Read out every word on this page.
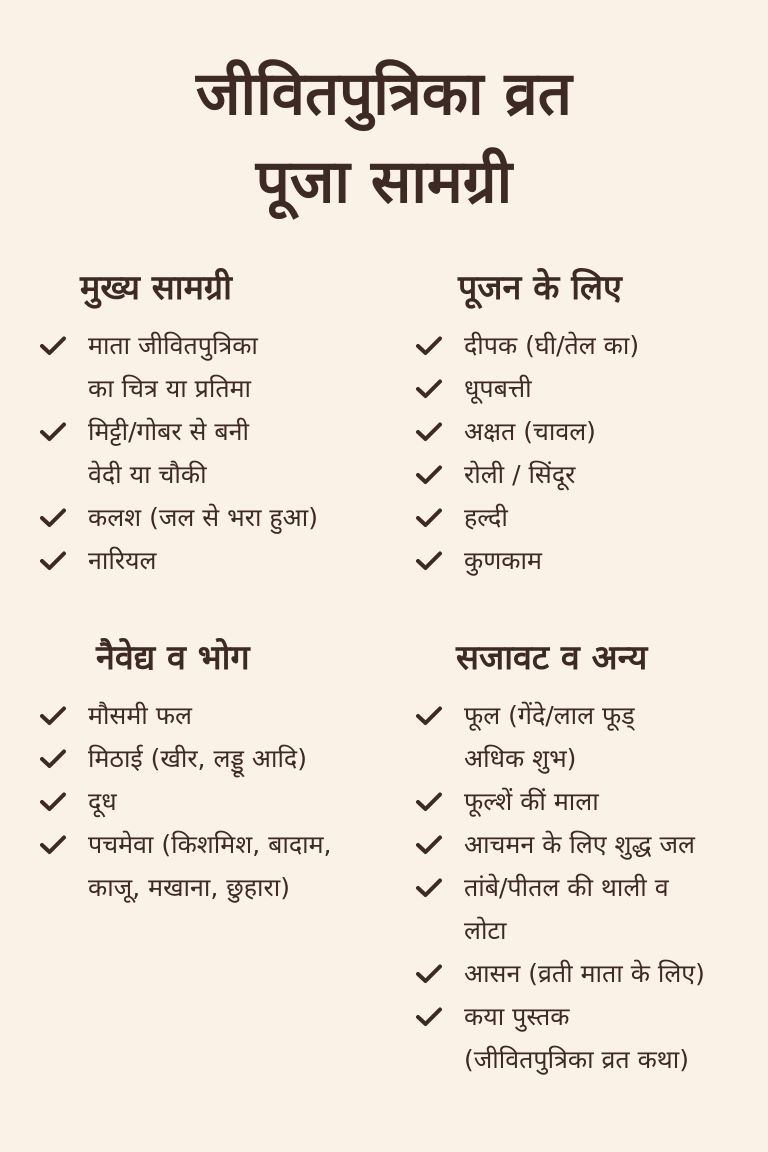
जीवितपुत्रिका व्रत
पूजा सामग्री
मुख्य सामग्री
माता जीवितपुत्रिका
का चित्र या प्रतिमा
मिट्टी/गोबर से बनी
वेदी या चौकी
कलश (जल से भरा हुआ)
नारियल
पूजन के लिए
दीपक (घी/तेल का)
धूपबत्ती
अक्षत (चावल)
रोली / सिंदूर
हल्दी
कुणकाम
नैवेद्य व भोग
मौसमी फल
मिठाई (खीर, लड्डू आदि)
दूध
पचमेवा (किशमिश, बादाम,
काजू, मखाना, छुहारा)
सजावट व अन्य
फूल (गेंदे/लाल फूड्
अधिक शुभ)
फूल्शें कीं माला
आचमन के लिए शुद्ध जल
तांबे/पीतल की थाली व
लोटा
आसन (व्रती माता के लिए)
कया पुस्तक
(जीवितपुत्रिका व्रत कथा)
